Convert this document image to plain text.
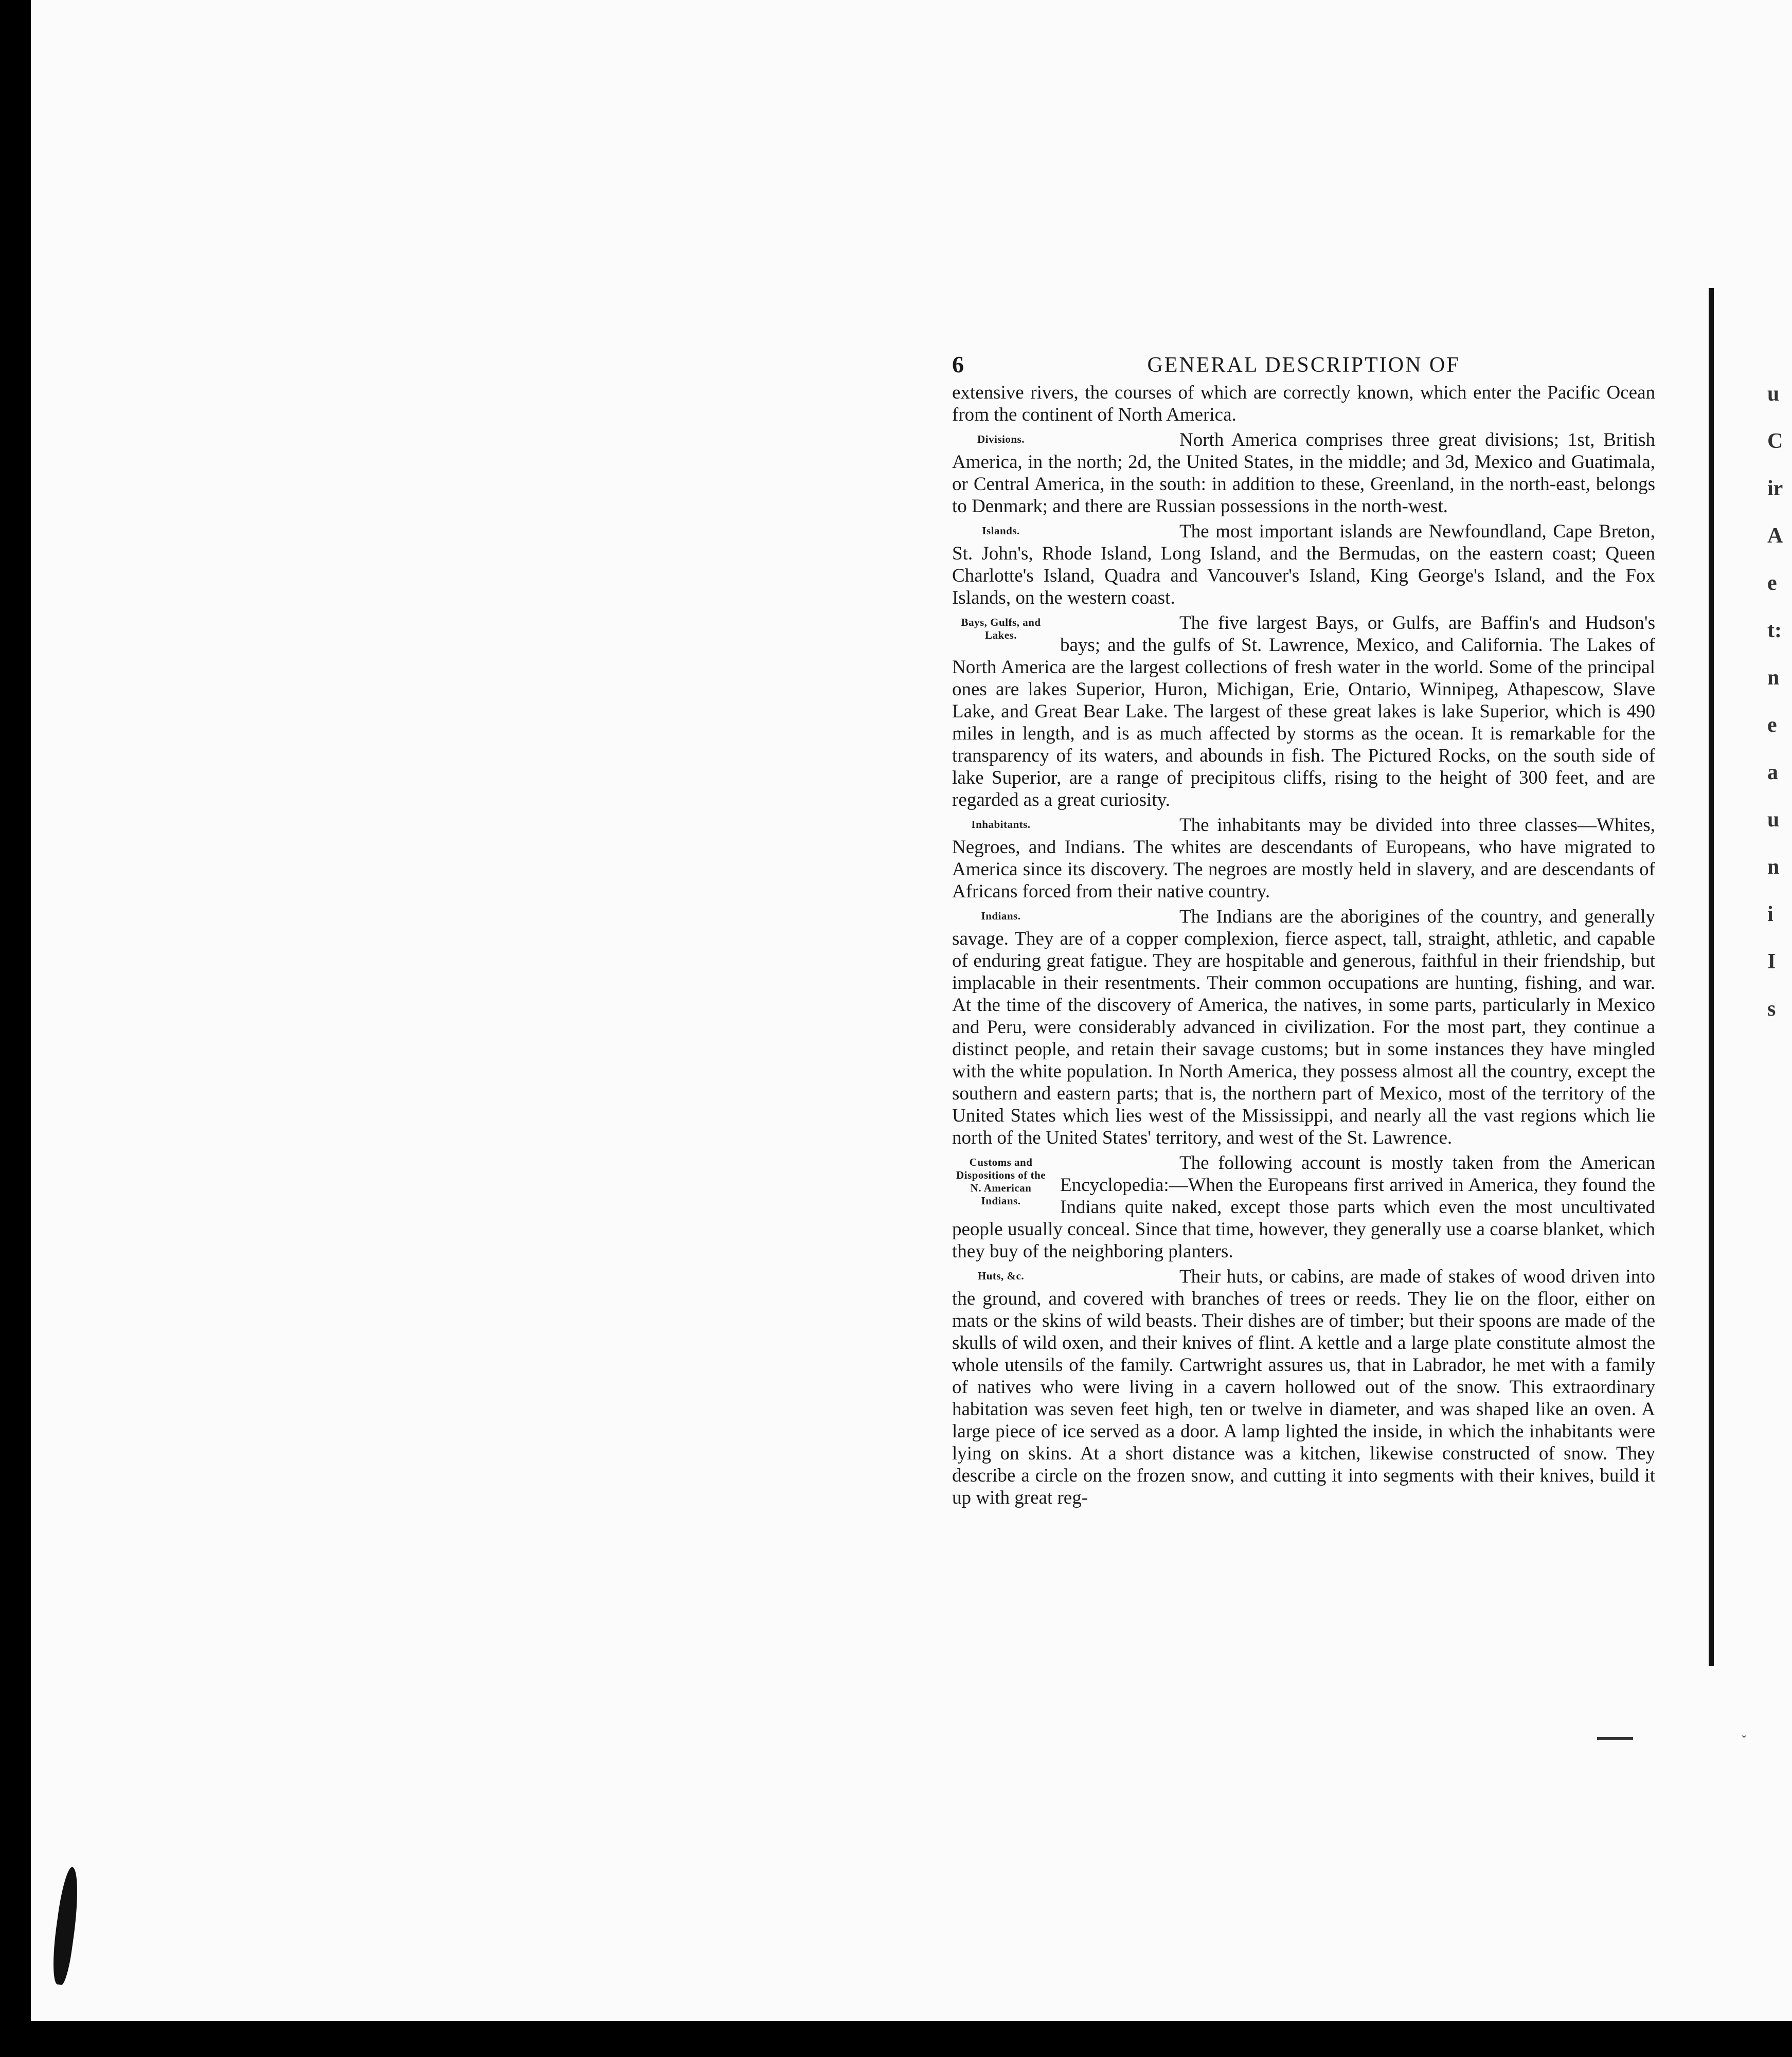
ˇ
u
C
ir
A
e
t:
n
e
a
u
n
i
I
s
6	GENERAL DESCRIPTION OF

extensive rivers, the courses of which are correctly known, which enter the Pacific Ocean from the continent of North America.

Divisions.	North America comprises three great divisions; 1st, British America, in the north; 2d, the United States, in the middle; and 3d, Mexico and Guatimala, or Central America, in the south: in addition to these, Greenland, in the north-east, belongs to Denmark; and there are Russian possessions in the north-west.

Islands.	The most important islands are Newfoundland, Cape Breton, St. John's, Rhode Island, Long Island, and the Bermudas, on the eastern coast; Queen Charlotte's Island, Quadra and Vancouver's Island, King George's Island, and the Fox Islands, on the western coast.

Bays, Gulfs, and Lakes.

The five largest Bays, or Gulfs, are Baffin's and Hudson's bays; and the gulfs of St. Lawrence, Mexico, and California. The Lakes of North America are the largest collections of fresh water in the world. Some of the principal ones are lakes Superior, Huron, Michigan, Erie, Ontario, Winnipeg, Athapescow, Slave Lake, and Great Bear Lake. The largest of these great lakes is lake Superior, which is 490 miles in length, and is as much affected by storms as the ocean. It is remarkable for the transparency of its waters, and abounds in fish. The Pictured Rocks, on the south side of lake Superior, are a range of precipitous cliffs, rising to the height of 300 feet, and are regarded as a great curiosity.

Inhabitants.	The inhabitants may be divided into three classes—Whites, Negroes, and Indians. The whites are descendants of Europeans, who have migrated to America since its discovery. The negroes are mostly held in slavery, and are descendants of Africans forced from their native country.

Indians.	The Indians are the aborigines of the country, and generally savage. They are of a copper complexion, fierce aspect, tall, straight, athletic, and capable of enduring great fatigue. They are hospitable and generous, faithful in their friendship, but implacable in their resentments. Their common occupations are hunting, fishing, and war. At the time of the discovery of America, the natives, in some parts, particularly in Mexico and Peru, were considerably advanced in civilization. For the most part, they continue a distinct people, and retain their savage customs; but in some instances they have mingled with the white population. In North America, they possess almost all the country, except the southern and eastern parts; that is, the northern part of Mexico, most of the territory of the United States which lies west of the Mississippi, and nearly all the vast regions which lie north of the United States' territory, and west of the St. Lawrence.

Customs and Dispositions of the N. American Indians.

The following account is mostly taken from the American Encyclopedia:—When the Europeans first arrived in America, they found the Indians quite naked, except those parts which even the most uncultivated people usually conceal. Since that time, however, they generally use a coarse blanket, which they buy of the neighboring planters.

Huts, &c.	Their huts, or cabins, are made of stakes of wood driven into the ground, and covered with branches of trees or reeds. They lie on the floor, either on mats or the skins of wild beasts. Their dishes are of timber; but their spoons are made of the skulls of wild oxen, and their knives of flint. A kettle and a large plate constitute almost the whole utensils of the family. Cartwright assures us, that in Labrador, he met with a family of natives who were living in a cavern hollowed out of the snow. This extraordinary habitation was seven feet high, ten or twelve in diameter, and was shaped like an oven. A large piece of ice served as a door. A lamp lighted the inside, in which the inhabitants were lying on skins. At a short distance was a kitchen, likewise constructed of snow. They describe a circle on the frozen snow, and cutting it into segments with their knives, build it up with great reg-
